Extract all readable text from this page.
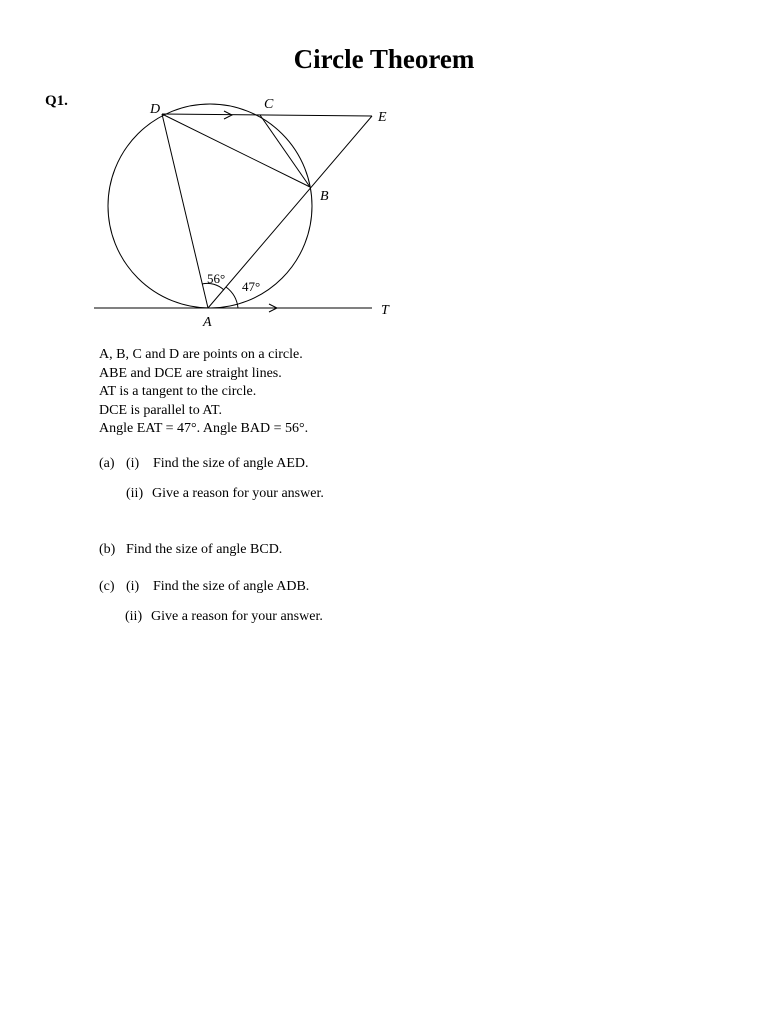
Circle Theorem
Q1.
D	C
E
B
A
T
56°
47°
A, B, C and D are points on a circle.
ABE and DCE are straight lines.
AT is a tangent to the circle.
DCE is parallel to AT.
Angle EAT = 47°. Angle BAD = 56°.
(a) (i) Find the size of angle AED.
(ii) Give a reason for your answer.
(b) Find the size of angle BCD.
(c) (i) Find the size of angle ADB.
(ii) Give a reason for your answer.
